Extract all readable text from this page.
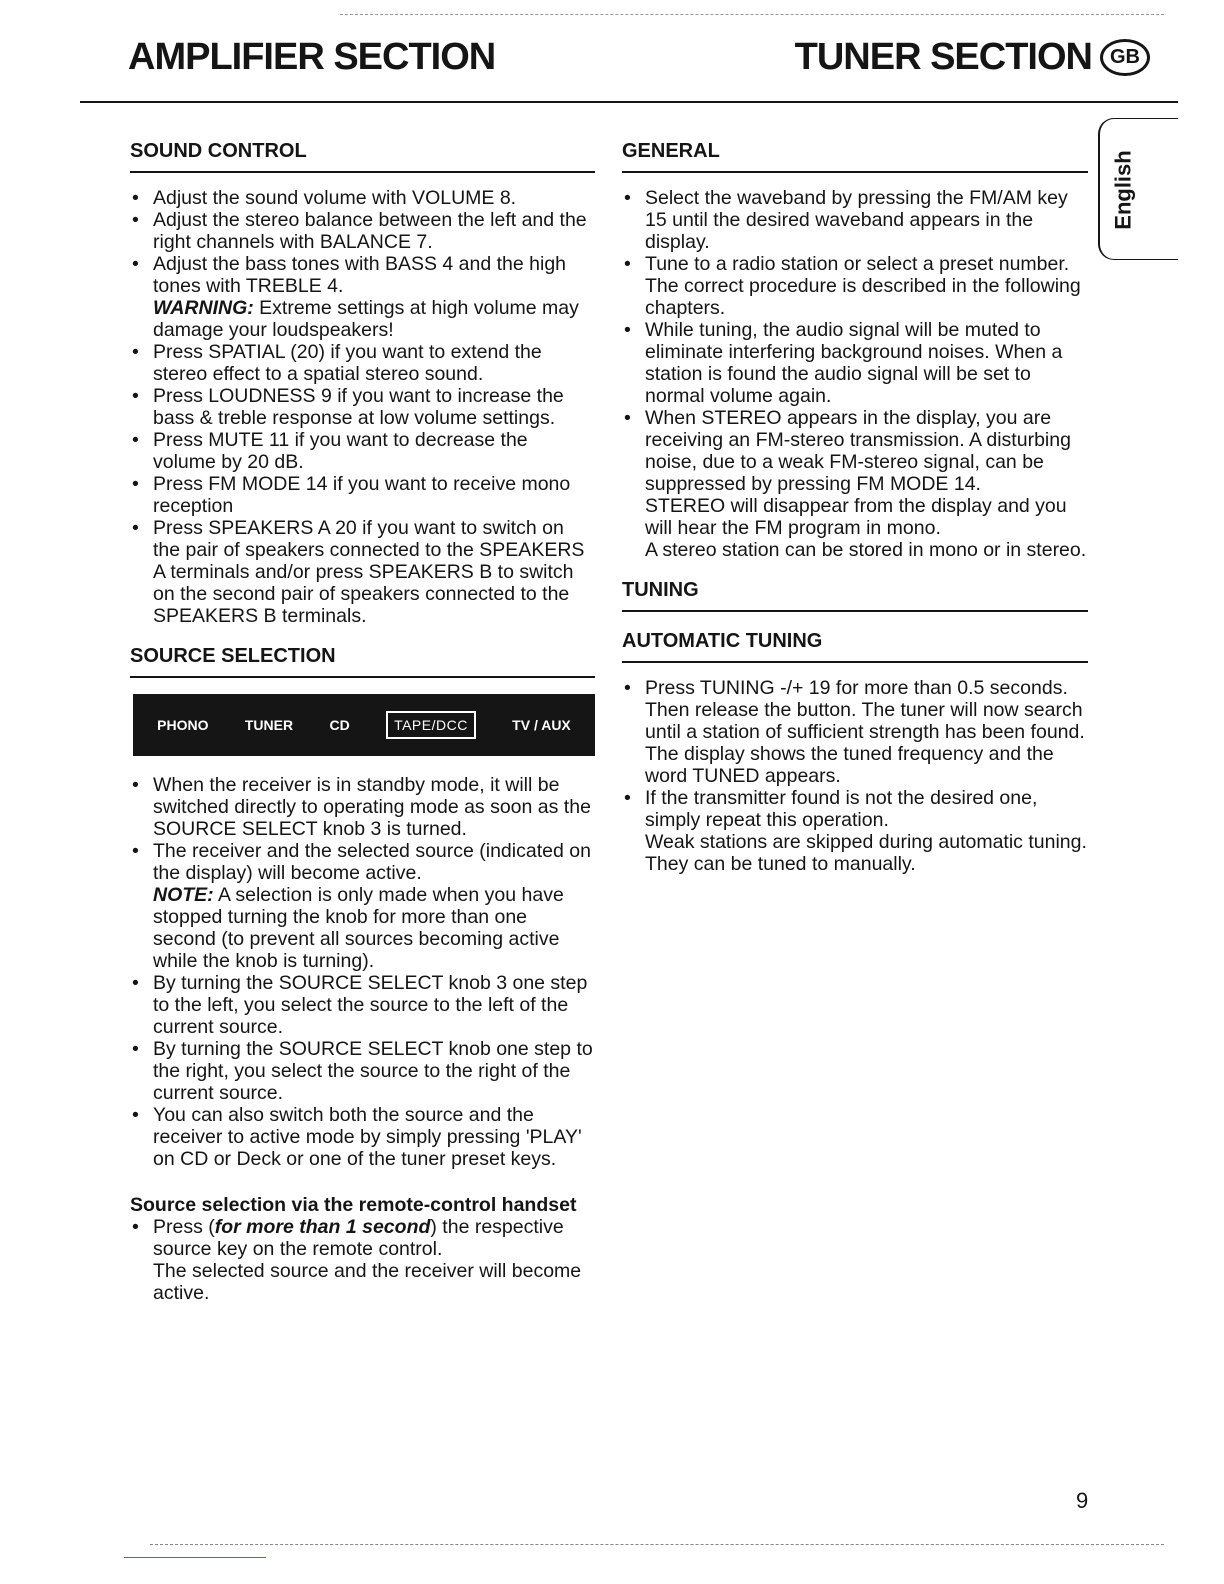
AMPLIFIER SECTION	TUNER SECTION GB
English
SOUND CONTROL
• Adjust the sound volume with VOLUME 8.
• Adjust the stereo balance between the left and the right channels with BALANCE 7.
• Adjust the bass tones with BASS 4 and the high tones with TREBLE 4.
WARNING: Extreme settings at high volume may damage your loudspeakers!
• Press SPATIAL (20) if you want to extend the stereo effect to a spatial stereo sound.
• Press LOUDNESS 9 if you want to increase the bass & treble response at low volume settings.
• Press MUTE 11 if you want to decrease the volume by 20 dB.
• Press FM MODE 14 if you want to receive mono reception
• Press SPEAKERS A 20 if you want to switch on the pair of speakers connected to the SPEAKERS A terminals and/or press SPEAKERS B to switch on the second pair of speakers connected to the SPEAKERS B terminals.
SOURCE SELECTION
PHONO	TUNER	CD	TAPE/DCC	TV / AUX
• When the receiver is in standby mode, it will be switched directly to operating mode as soon as the SOURCE SELECT knob 3 is turned.
• The receiver and the selected source (indicated on the display) will become active.
NOTE: A selection is only made when you have stopped turning the knob for more than one second (to prevent all sources becoming active while the knob is turning).
• By turning the SOURCE SELECT knob 3 one step to the left, you select the source to the left of the current source.
• By turning the SOURCE SELECT knob one step to the right, you select the source to the right of the current source.
• You can also switch both the source and the receiver to active mode by simply pressing 'PLAY' on CD or Deck or one of the tuner preset keys.
Source selection via the remote-control handset
• Press (for more than 1 second) the respective source key on the remote control.
The selected source and the receiver will become active.
GENERAL
• Select the waveband by pressing the FM/AM key 15 until the desired waveband appears in the display.
• Tune to a radio station or select a preset number.
The correct procedure is described in the following chapters.
• While tuning, the audio signal will be muted to eliminate interfering background noises. When a station is found the audio signal will be set to normal volume again.
• When STEREO appears in the display, you are receiving an FM-stereo transmission. A disturbing noise, due to a weak FM-stereo signal, can be suppressed by pressing FM MODE 14.
STEREO will disappear from the display and you will hear the FM program in mono.
A stereo station can be stored in mono or in stereo.
TUNING
AUTOMATIC TUNING
• Press TUNING -/+ 19 for more than 0.5 seconds. Then release the button. The tuner will now search until a station of sufficient strength has been found. The display shows the tuned frequency and the word TUNED appears.
• If the transmitter found is not the desired one, simply repeat this operation.
Weak stations are skipped during automatic tuning.
They can be tuned to manually.
9
